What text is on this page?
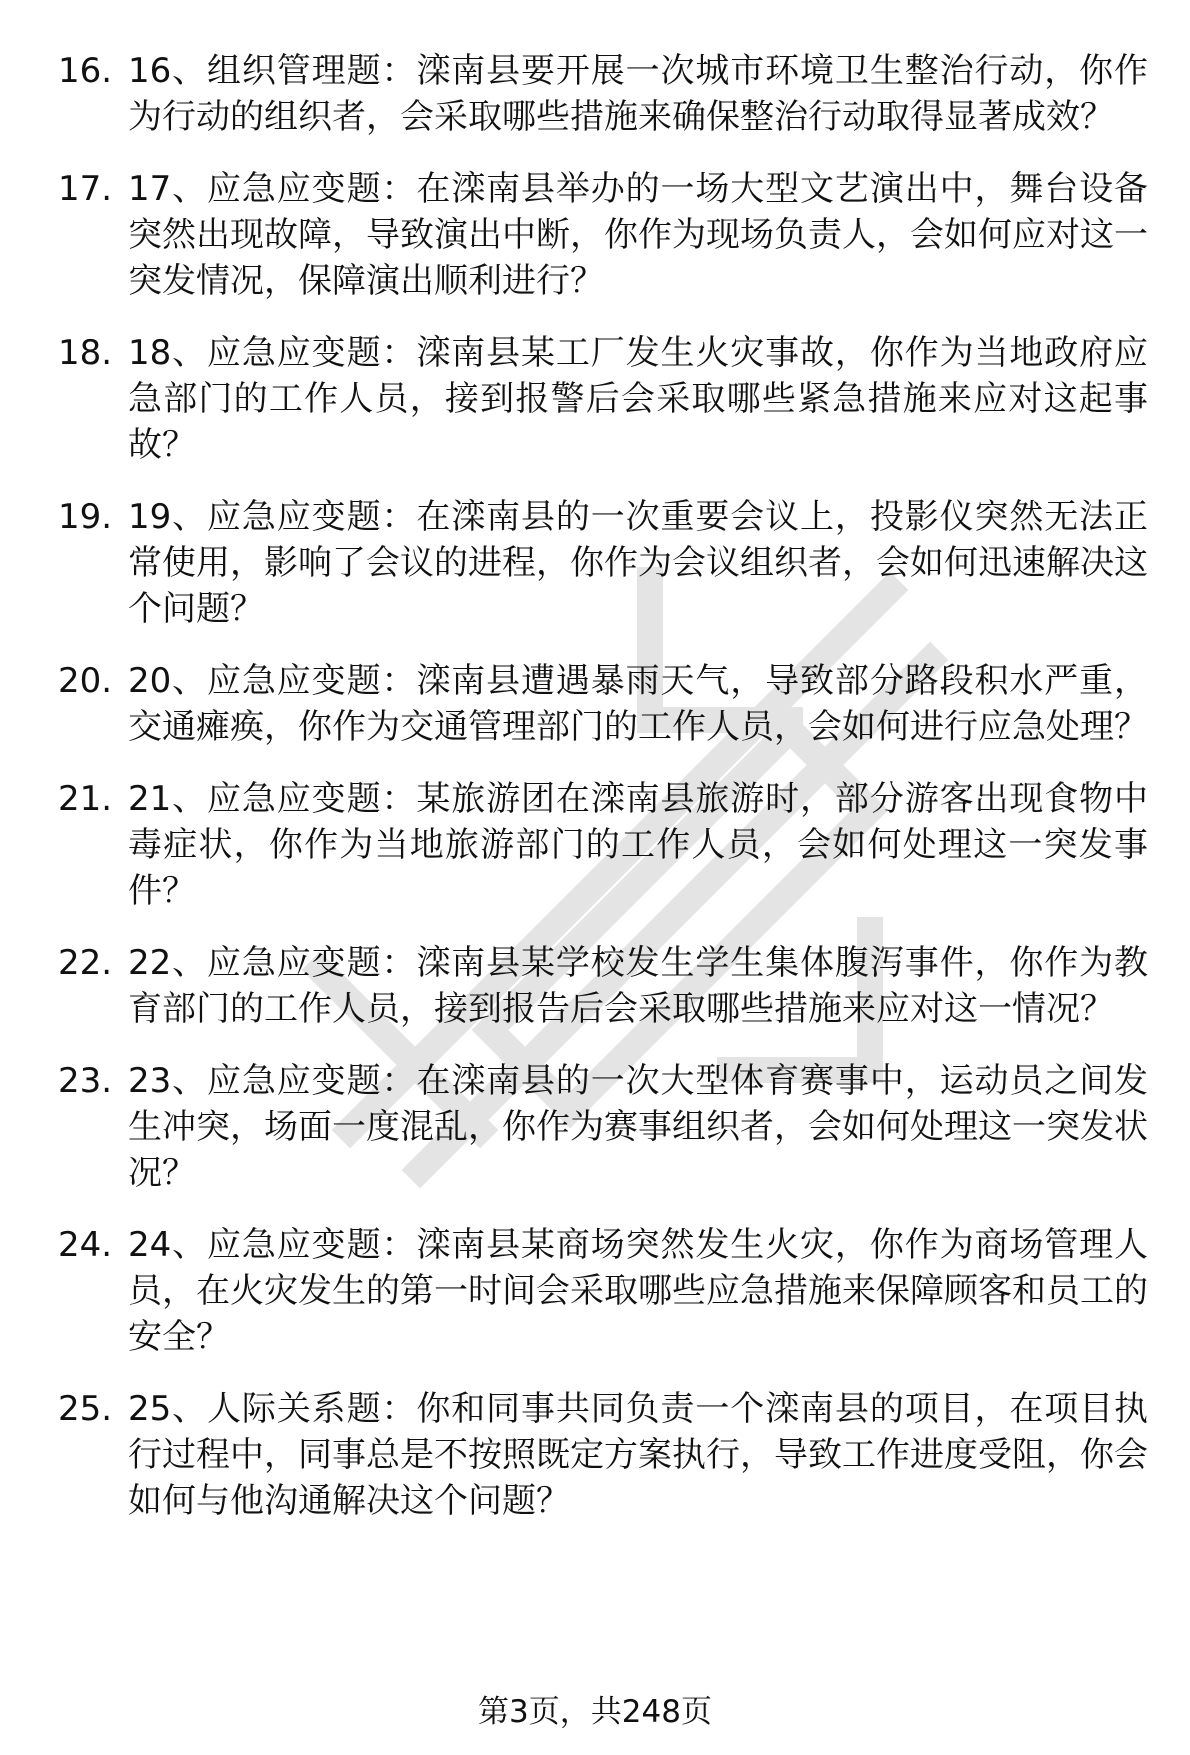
16. 16、组织管理题：滦南县要开展一次城市环境卫生整治行动，你作为行动的组织者，会采取哪些措施来确保整治行动取得显著成效？
17. 17、应急应变题：在滦南县举办的一场大型文艺演出中，舞台设备突然出现故障，导致演出中断，你作为现场负责人，会如何应对这一突发情况，保障演出顺利进行？
18. 18、应急应变题：滦南县某工厂发生火灾事故，你作为当地政府应急部门的工作人员，接到报警后会采取哪些紧急措施来应对这起事故？
19. 19、应急应变题：在滦南县的一次重要会议上，投影仪突然无法正常使用，影响了会议的进程，你作为会议组织者，会如何迅速解决这个问题？
20. 20、应急应变题：滦南县遭遇暴雨天气，导致部分路段积水严重，交通瘫痪，你作为交通管理部门的工作人员，会如何进行应急处理？
21. 21、应急应变题：某旅游团在滦南县旅游时，部分游客出现食物中毒症状，你作为当地旅游部门的工作人员，会如何处理这一突发事件？
22. 22、应急应变题：滦南县某学校发生学生集体腹泻事件，你作为教育部门的工作人员，接到报告后会采取哪些措施来应对这一情况？
23. 23、应急应变题：在滦南县的一次大型体育赛事中，运动员之间发生冲突，场面一度混乱，你作为赛事组织者，会如何处理这一突发状况？
24. 24、应急应变题：滦南县某商场突然发生火灾，你作为商场管理人员，在火灾发生的第一时间会采取哪些应急措施来保障顾客和员工的安全？
25. 25、人际关系题：你和同事共同负责一个滦南县的项目，在项目执行过程中，同事总是不按照既定方案执行，导致工作进度受阻，你会如何与他沟通解决这个问题？
第3页，共248页
